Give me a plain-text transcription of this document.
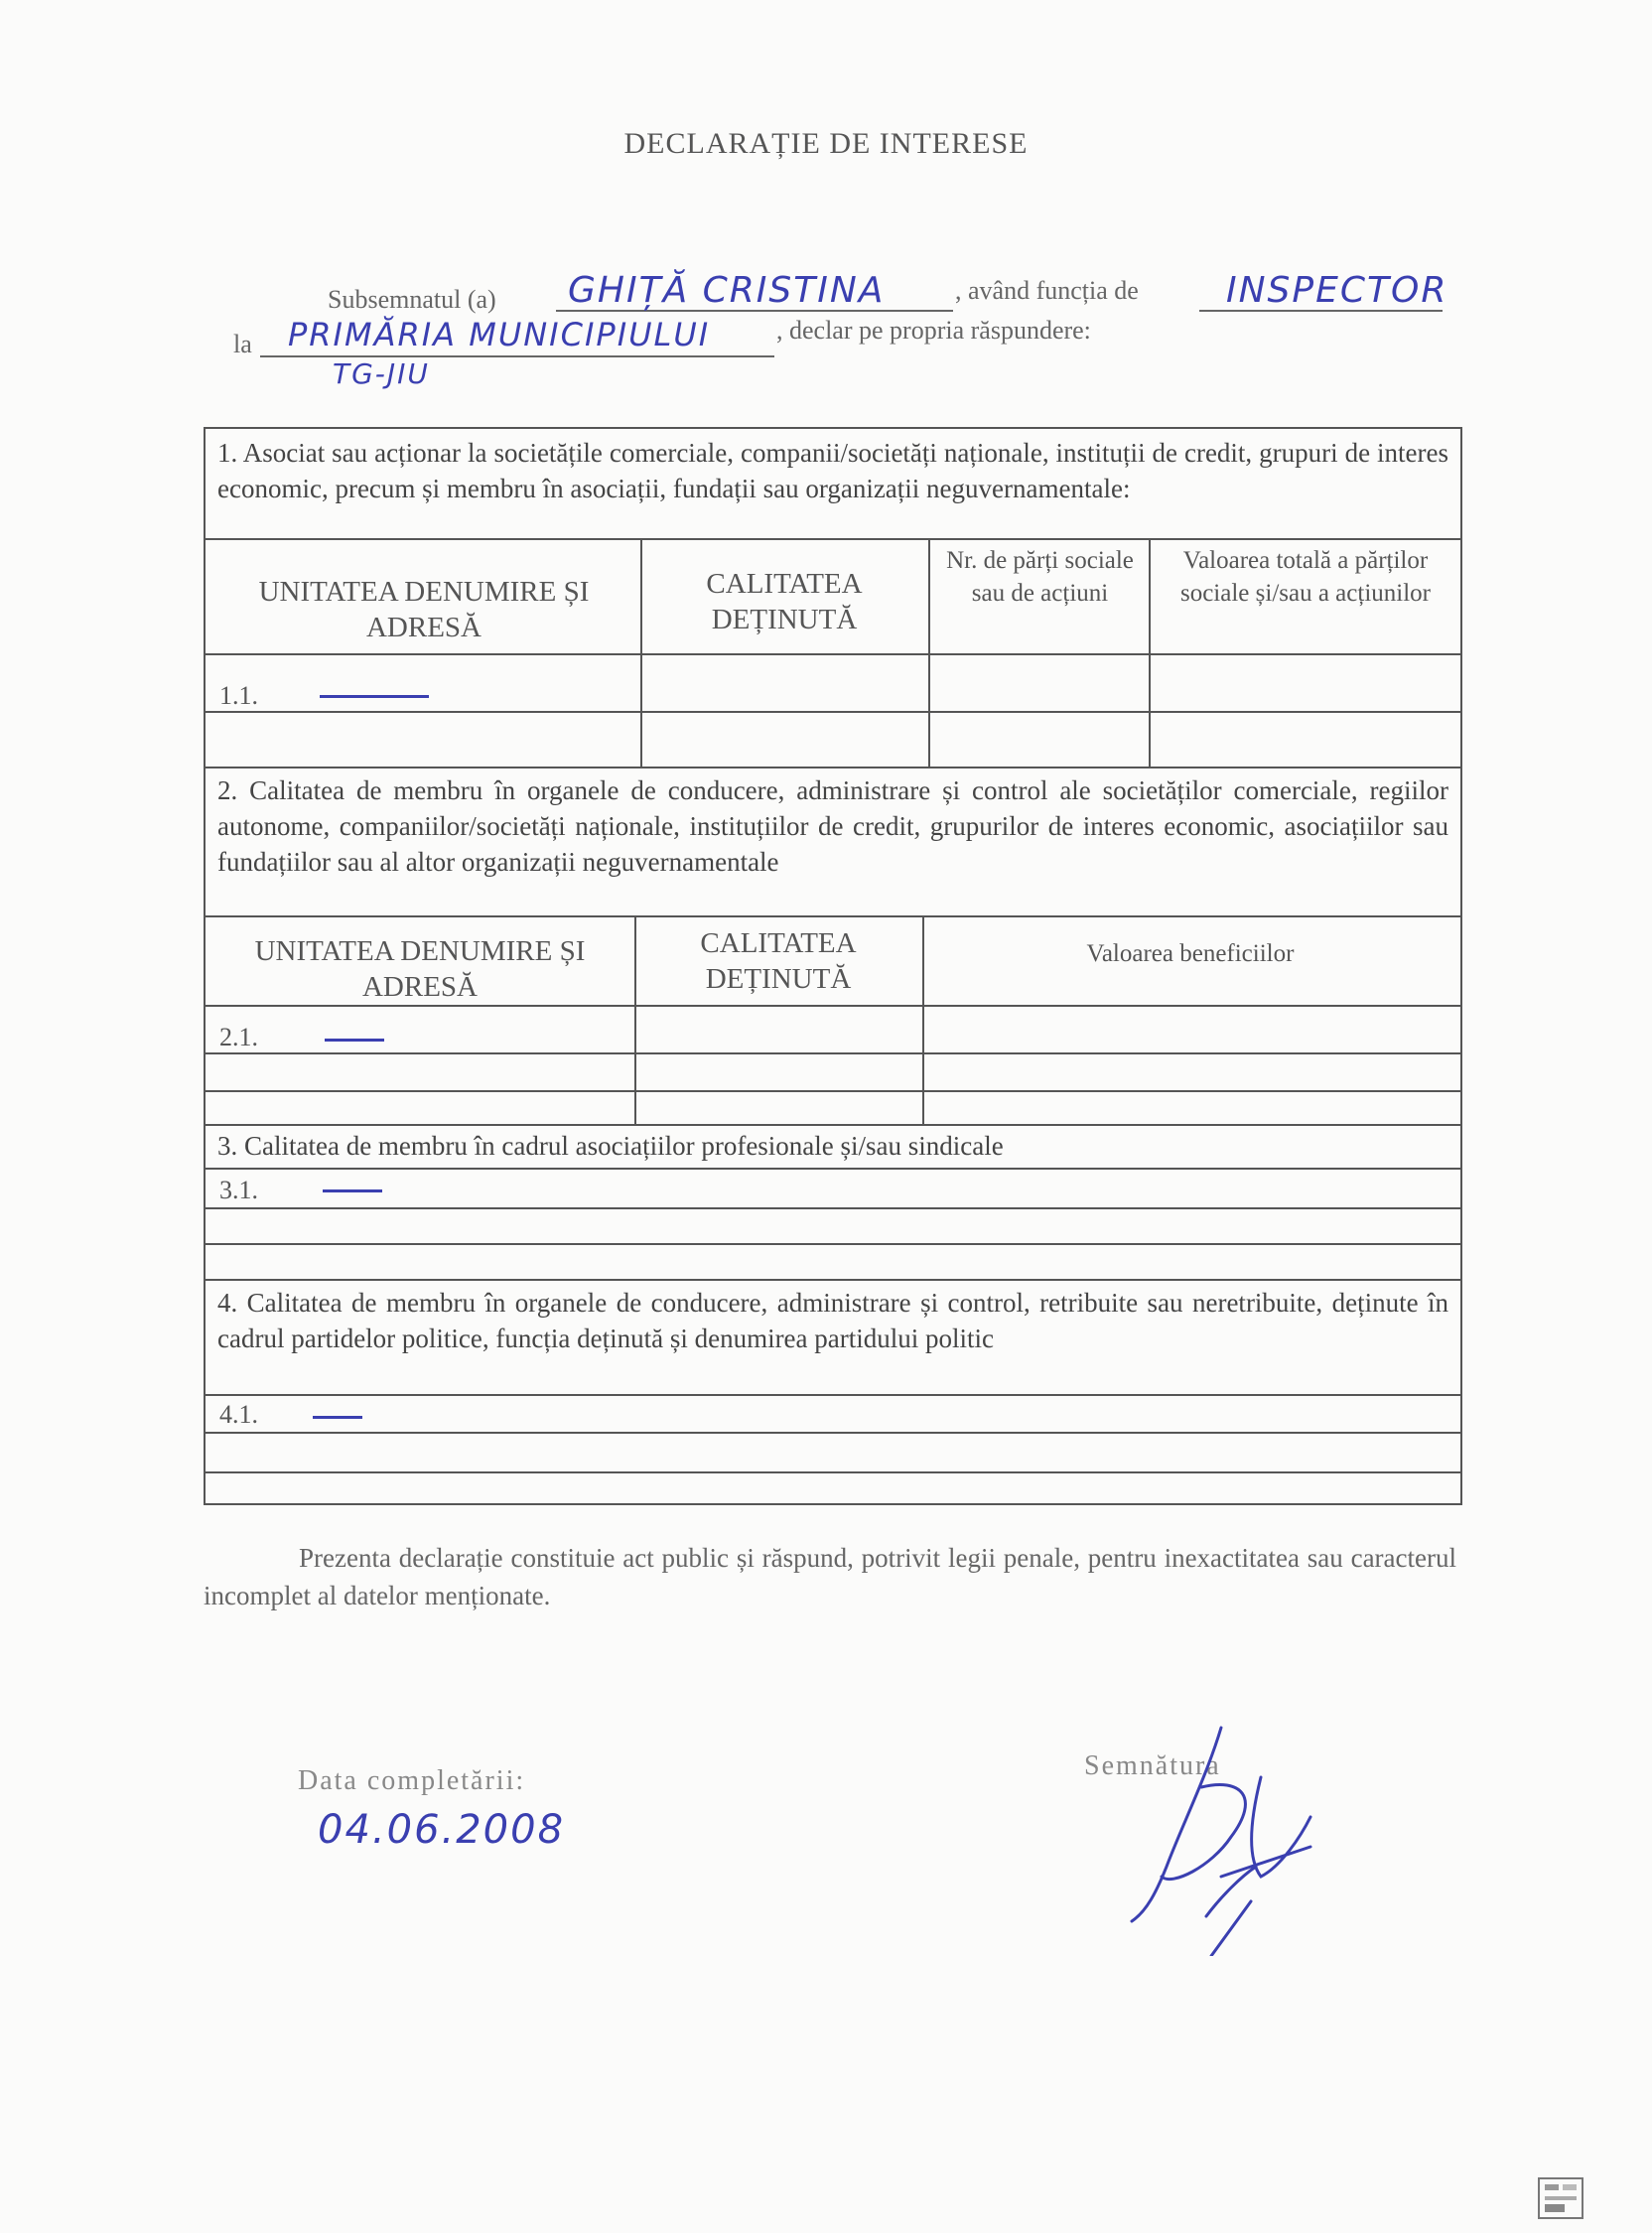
DECLARAȚIE DE INTERESE
Subsemnatul (a) GHIȚĂ CRISTINA	, având funcția de INSPECTOR
la PRIMĂRIA MUNICIPIULUI
TG-JIU
, declar pe propria răspundere:
1. Asociat sau acționar la societățile comerciale, companii/societăți naționale, instituții de credit, grupuri de interes economic, precum și membru în asociații, fundații sau organizații neguvernamentale:
UNITATEA DENUMIRE ȘI ADRESĂ
CALITATEA DEȚINUTĂ
Nr. de părți sociale sau de acțiuni
Valoarea totală a părților sociale și/sau a acțiunilor
1.1.
2. Calitatea de membru în organele de conducere, administrare și control ale societăților comerciale, regiilor autonome, companiilor/societăți naționale, instituțiilor de credit, grupurilor de interes economic, asociațiilor sau fundațiilor sau al altor organizații neguvernamentale
UNITATEA DENUMIRE ȘI ADRESĂ
CALITATEA DEȚINUTĂ
Valoarea beneficiilor
2.1.
3. Calitatea de membru în cadrul asociațiilor profesionale și/sau sindicale
3.1.
4. Calitatea de membru în organele de conducere, administrare și control, retribuite sau neretribuite, deținute în cadrul partidelor politice, funcția deținută și denumirea partidului politic
4.1.
Prezenta declarație constituie act public și răspund, potrivit legii penale, pentru inexactitatea sau caracterul incomplet al datelor menționate.
Data completării:
04.06.2008
Semnătura
